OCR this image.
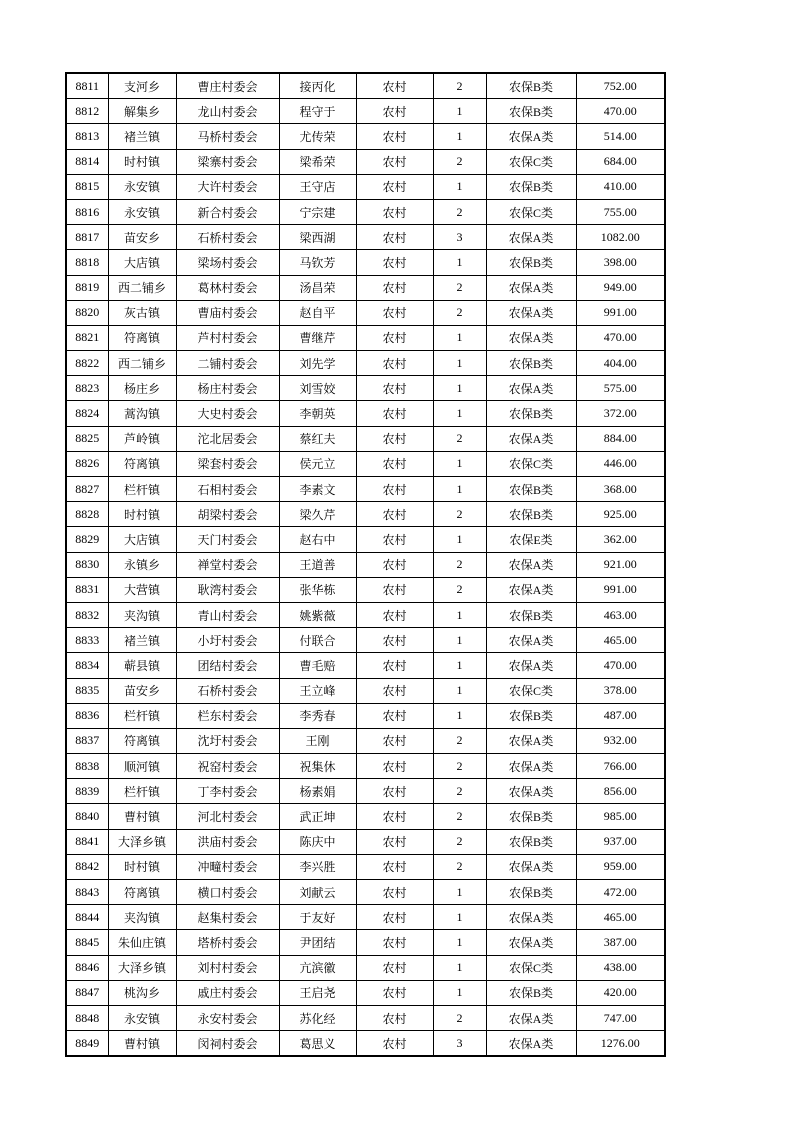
8811	支河乡	曹庄村委会	接丙化	农村	2	农保B类	752.00
8812	解集乡	龙山村委会	程守于	农村	1	农保B类	470.00
8813	褚兰镇	马桥村委会	尤传荣	农村	1	农保A类	514.00
8814	时村镇	梁寨村委会	梁希荣	农村	2	农保C类	684.00
8815	永安镇	大许村委会	王守店	农村	1	农保B类	410.00
8816	永安镇	新合村委会	宁宗建	农村	2	农保C类	755.00
8817	苗安乡	石桥村委会	梁西湖	农村	3	农保A类	1082.00
8818	大店镇	梁场村委会	马钦芳	农村	1	农保B类	398.00
8819	西二铺乡	葛林村委会	汤昌荣	农村	2	农保A类	949.00
8820	灰古镇	曹庙村委会	赵自平	农村	2	农保A类	991.00
8821	符离镇	芦村村委会	曹继芹	农村	1	农保A类	470.00
8822	西二铺乡	二铺村委会	刘先学	农村	1	农保B类	404.00
8823	杨庄乡	杨庄村委会	刘雪姣	农村	1	农保A类	575.00
8824	蒿沟镇	大史村委会	李朝英	农村	1	农保B类	372.00
8825	芦岭镇	沱北居委会	蔡红夫	农村	2	农保A类	884.00
8826	符离镇	梁套村委会	侯元立	农村	1	农保C类	446.00
8827	栏杆镇	石相村委会	李素文	农村	1	农保B类	368.00
8828	时村镇	胡梁村委会	梁久芹	农村	2	农保B类	925.00
8829	大店镇	天门村委会	赵右中	农村	1	农保E类	362.00
8830	永镇乡	禅堂村委会	王道善	农村	2	农保A类	921.00
8831	大营镇	耿湾村委会	张华栋	农村	2	农保A类	991.00
8832	夹沟镇	青山村委会	姚紫薇	农村	1	农保B类	463.00
8833	褚兰镇	小圩村委会	付联合	农村	1	农保A类	465.00
8834	蕲县镇	团结村委会	曹毛赔	农村	1	农保A类	470.00
8835	苗安乡	石桥村委会	王立峰	农村	1	农保C类	378.00
8836	栏杆镇	栏东村委会	李秀春	农村	1	农保B类	487.00
8837	符离镇	沈圩村委会	王刚	农村	2	农保A类	932.00
8838	顺河镇	祝窑村委会	祝集休	农村	2	农保A类	766.00
8839	栏杆镇	丁李村委会	杨素娟	农村	2	农保A类	856.00
8840	曹村镇	河北村委会	武正坤	农村	2	农保B类	985.00
8841	大泽乡镇	洪庙村委会	陈庆中	农村	2	农保B类	937.00
8842	时村镇	冲疃村委会	李兴胜	农村	2	农保A类	959.00
8843	符离镇	横口村委会	刘献云	农村	1	农保B类	472.00
8844	夹沟镇	赵集村委会	于友好	农村	1	农保A类	465.00
8845	朱仙庄镇	塔桥村委会	尹团结	农村	1	农保A类	387.00
8846	大泽乡镇	刘村村委会	亢滨徽	农村	1	农保C类	438.00
8847	桃沟乡	戚庄村委会	王启尧	农村	1	农保B类	420.00
8848	永安镇	永安村委会	苏化经	农村	2	农保A类	747.00
8849	曹村镇	闵祠村委会	葛思义	农村	3	农保A类	1276.00
